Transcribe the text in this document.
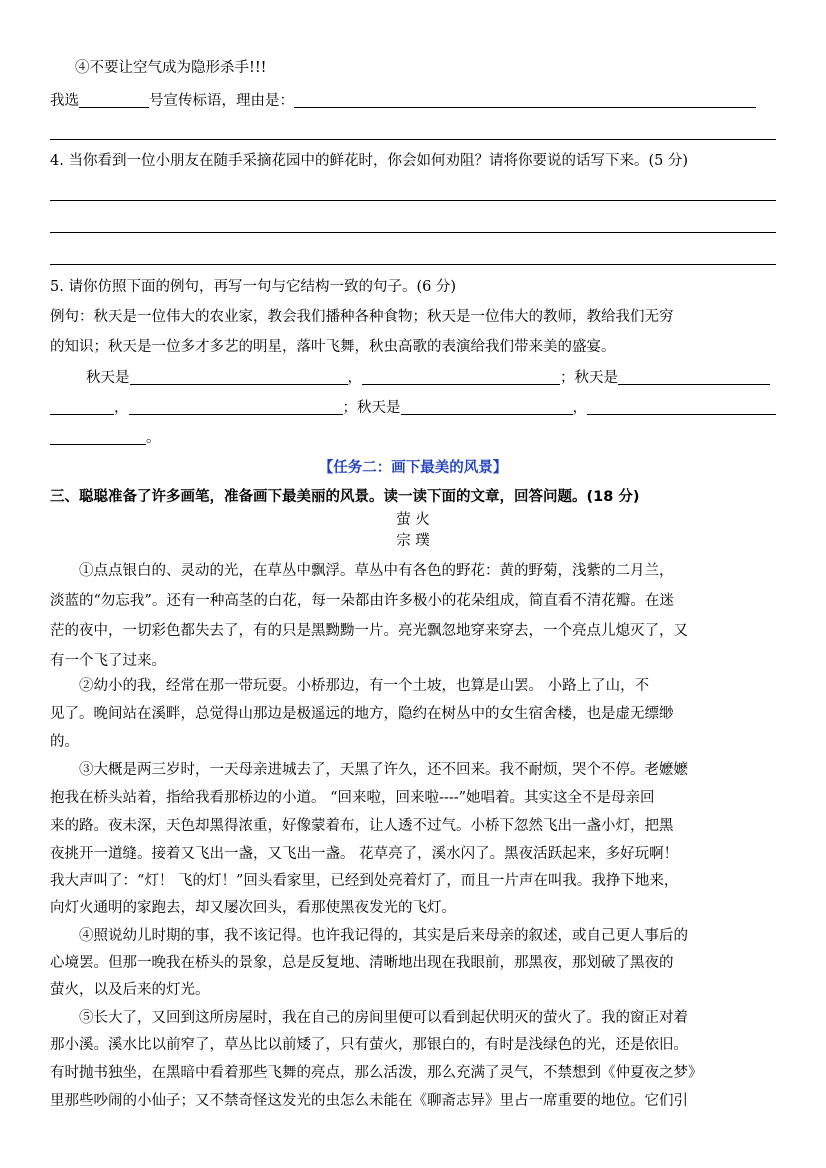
④不要让空气成为隐形杀手!!!
我选	号宣传标语，理由是：
4. 当你看到一位小朋友在随手采摘花园中的鲜花时，你会如何劝阻？请将你要说的话写下来。(5 分)
5. 请你仿照下面的例句，再写一句与它结构一致的句子。(6 分)
例句：秋天是一位伟大的农业家，教会我们播种各种食物；秋天是一位伟大的教师，教给我们无穷
的知识；秋天是一位多才多艺的明星，落叶飞舞，秋虫高歌的表演给我们带来美的盛宴。
秋天是	，	；秋天是
，	；秋天是	，
。
【任务二：画下最美的风景】
三、聪聪准备了许多画笔，准备画下最美丽的风景。读一读下面的文章，回答问题。(18 分)
萤 火
宗 璞
①点点银白的、灵动的光，在草丛中飘浮。草丛中有各色的野花：黄的野菊，浅紫的二月兰，
淡蓝的“勿忘我”。还有一种高茎的白花，每一朵都由许多极小的花朵组成，简直看不清花瓣。在迷
茫的夜中，一切彩色都失去了，有的只是黑黝黝一片。亮光飘忽地穿来穿去，一个亮点儿熄灭了，又
有一个飞了过来。
②幼小的我，经常在那一带玩耍。小桥那边，有一个土坡，也算是山罢。 小路上了山，不
见了。晚间站在溪畔，总觉得山那边是极遥远的地方，隐约在树丛中的女生宿舍楼，也是虚无缥缈
的。
③大概是两三岁时，一天母亲进城去了，天黑了许久，还不回来。我不耐烦，哭个不停。老嬷嬷
抱我在桥头站着，指给我看那桥边的小道。 “回来啦，回来啦----”她唱着。其实这全不是母亲回
来的路。夜未深，天色却黑得浓重，好像蒙着布，让人透不过气。小桥下忽然飞出一盏小灯，把黑
夜挑开一道缝。接着又飞出一盏，又飞出一盏。 花草亮了，溪水闪了。黑夜活跃起来，多好玩啊！
我大声叫了：“灯！ 飞的灯！”回头看家里，已经到处亮着灯了，而且一片声在叫我。我挣下地来，
向灯火通明的家跑去，却又屡次回头，看那使黑夜发光的飞灯。
④照说幼儿时期的事，我不该记得。也许我记得的，其实是后来母亲的叙述，或自己更人事后的
心境罢。但那一晚我在桥头的景象，总是反复地、清晰地出现在我眼前，那黑夜，那划破了黑夜的
萤火，以及后来的灯光。
⑤长大了，又回到这所房屋时，我在自己的房间里便可以看到起伏明灭的萤火了。我的窗正对着
那小溪。溪水比以前窄了，草丛比以前矮了，只有萤火，那银白的，有时是浅绿色的光，还是依旧。
有时抛书独坐，在黑暗中看着那些飞舞的亮点，那么活泼，那么充满了灵气，不禁想到《仲夏夜之梦》
里那些吵闹的小仙子；又不禁奇怪这发光的虫怎么未能在《聊斋志异》里占一席重要的地位。它们引
